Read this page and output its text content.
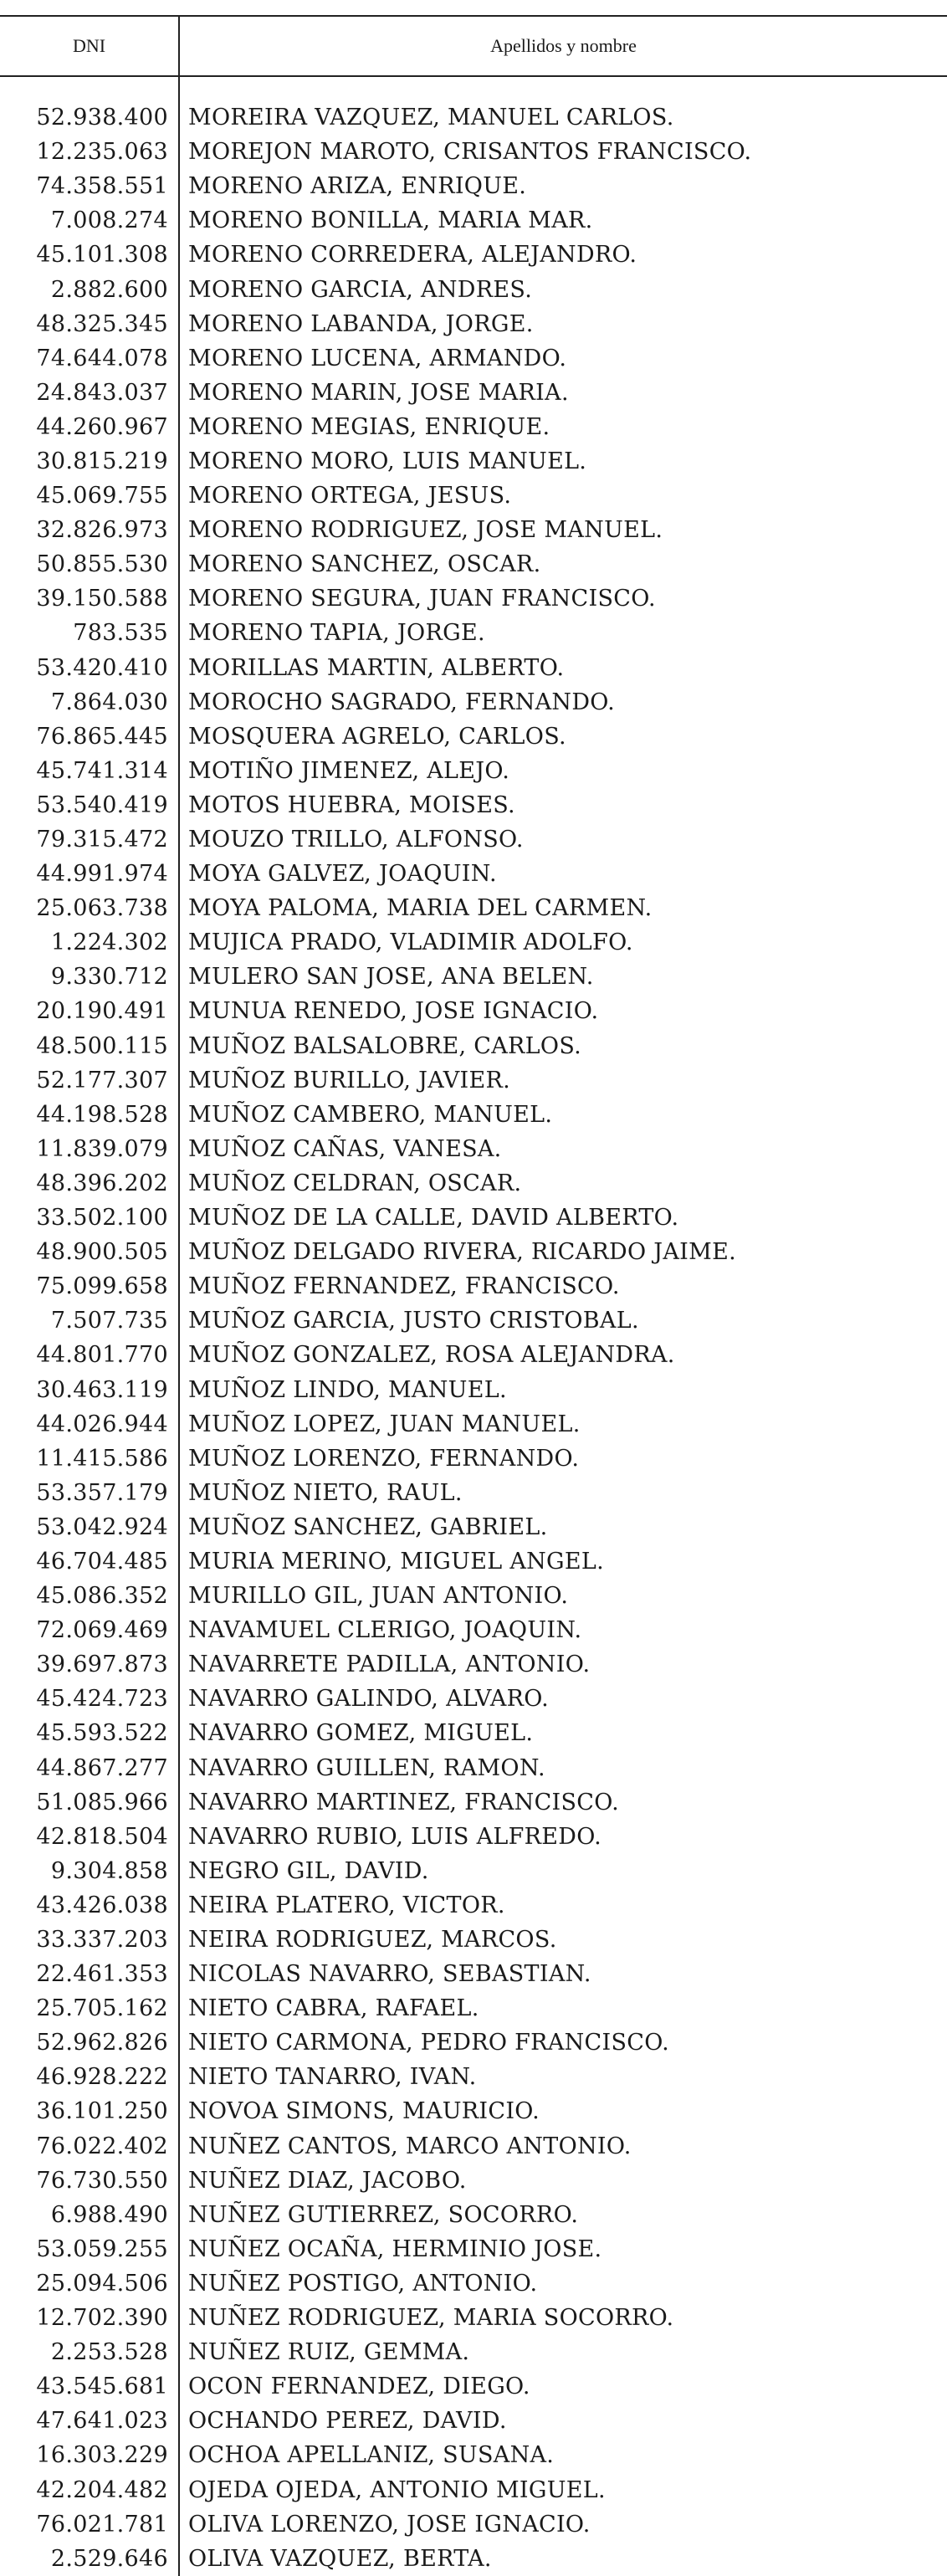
DNI	Apellidos y nombre

52.938.400	MOREIRA VAZQUEZ, MANUEL CARLOS.
12.235.063	MOREJON MAROTO, CRISANTOS FRANCISCO.
74.358.551	MORENO ARIZA, ENRIQUE.
7.008.274	MORENO BONILLA, MARIA MAR.
45.101.308	MORENO CORREDERA, ALEJANDRO.
2.882.600	MORENO GARCIA, ANDRES.
48.325.345	MORENO LABANDA, JORGE.
74.644.078	MORENO LUCENA, ARMANDO.
24.843.037	MORENO MARIN, JOSE MARIA.
44.260.967	MORENO MEGIAS, ENRIQUE.
30.815.219	MORENO MORO, LUIS MANUEL.
45.069.755	MORENO ORTEGA, JESUS.
32.826.973	MORENO RODRIGUEZ, JOSE MANUEL.
50.855.530	MORENO SANCHEZ, OSCAR.
39.150.588	MORENO SEGURA, JUAN FRANCISCO.
783.535	MORENO TAPIA, JORGE.
53.420.410	MORILLAS MARTIN, ALBERTO.
7.864.030	MOROCHO SAGRADO, FERNANDO.
76.865.445	MOSQUERA AGRELO, CARLOS.
45.741.314	MOTIÑO JIMENEZ, ALEJO.
53.540.419	MOTOS HUEBRA, MOISES.
79.315.472	MOUZO TRILLO, ALFONSO.
44.991.974	MOYA GALVEZ, JOAQUIN.
25.063.738	MOYA PALOMA, MARIA DEL CARMEN.
1.224.302	MUJICA PRADO, VLADIMIR ADOLFO.
9.330.712	MULERO SAN JOSE, ANA BELEN.
20.190.491	MUNUA RENEDO, JOSE IGNACIO.
48.500.115	MUÑOZ BALSALOBRE, CARLOS.
52.177.307	MUÑOZ BURILLO, JAVIER.
44.198.528	MUÑOZ CAMBERO, MANUEL.
11.839.079	MUÑOZ CAÑAS, VANESA.
48.396.202	MUÑOZ CELDRAN, OSCAR.
33.502.100	MUÑOZ DE LA CALLE, DAVID ALBERTO.
48.900.505	MUÑOZ DELGADO RIVERA, RICARDO JAIME.
75.099.658	MUÑOZ FERNANDEZ, FRANCISCO.
7.507.735	MUÑOZ GARCIA, JUSTO CRISTOBAL.
44.801.770	MUÑOZ GONZALEZ, ROSA ALEJANDRA.
30.463.119	MUÑOZ LINDO, MANUEL.
44.026.944	MUÑOZ LOPEZ, JUAN MANUEL.
11.415.586	MUÑOZ LORENZO, FERNANDO.
53.357.179	MUÑOZ NIETO, RAUL.
53.042.924	MUÑOZ SANCHEZ, GABRIEL.
46.704.485	MURIA MERINO, MIGUEL ANGEL.
45.086.352	MURILLO GIL, JUAN ANTONIO.
72.069.469	NAVAMUEL CLERIGO, JOAQUIN.
39.697.873	NAVARRETE PADILLA, ANTONIO.
45.424.723	NAVARRO GALINDO, ALVARO.
45.593.522	NAVARRO GOMEZ, MIGUEL.
44.867.277	NAVARRO GUILLEN, RAMON.
51.085.966	NAVARRO MARTINEZ, FRANCISCO.
42.818.504	NAVARRO RUBIO, LUIS ALFREDO.
9.304.858	NEGRO GIL, DAVID.
43.426.038	NEIRA PLATERO, VICTOR.
33.337.203	NEIRA RODRIGUEZ, MARCOS.
22.461.353	NICOLAS NAVARRO, SEBASTIAN.
25.705.162	NIETO CABRA, RAFAEL.
52.962.826	NIETO CARMONA, PEDRO FRANCISCO.
46.928.222	NIETO TANARRO, IVAN.
36.101.250	NOVOA SIMONS, MAURICIO.
76.022.402	NUÑEZ CANTOS, MARCO ANTONIO.
76.730.550	NUÑEZ DIAZ, JACOBO.
6.988.490	NUÑEZ GUTIERREZ, SOCORRO.
53.059.255	NUÑEZ OCAÑA, HERMINIO JOSE.
25.094.506	NUÑEZ POSTIGO, ANTONIO.
12.702.390	NUÑEZ RODRIGUEZ, MARIA SOCORRO.
2.253.528	NUÑEZ RUIZ, GEMMA.
43.545.681	OCON FERNANDEZ, DIEGO.
47.641.023	OCHANDO PEREZ, DAVID.
16.303.229	OCHOA APELLANIZ, SUSANA.
42.204.482	OJEDA OJEDA, ANTONIO MIGUEL.
76.021.781	OLIVA LORENZO, JOSE IGNACIO.
2.529.646	OLIVA VAZQUEZ, BERTA.
